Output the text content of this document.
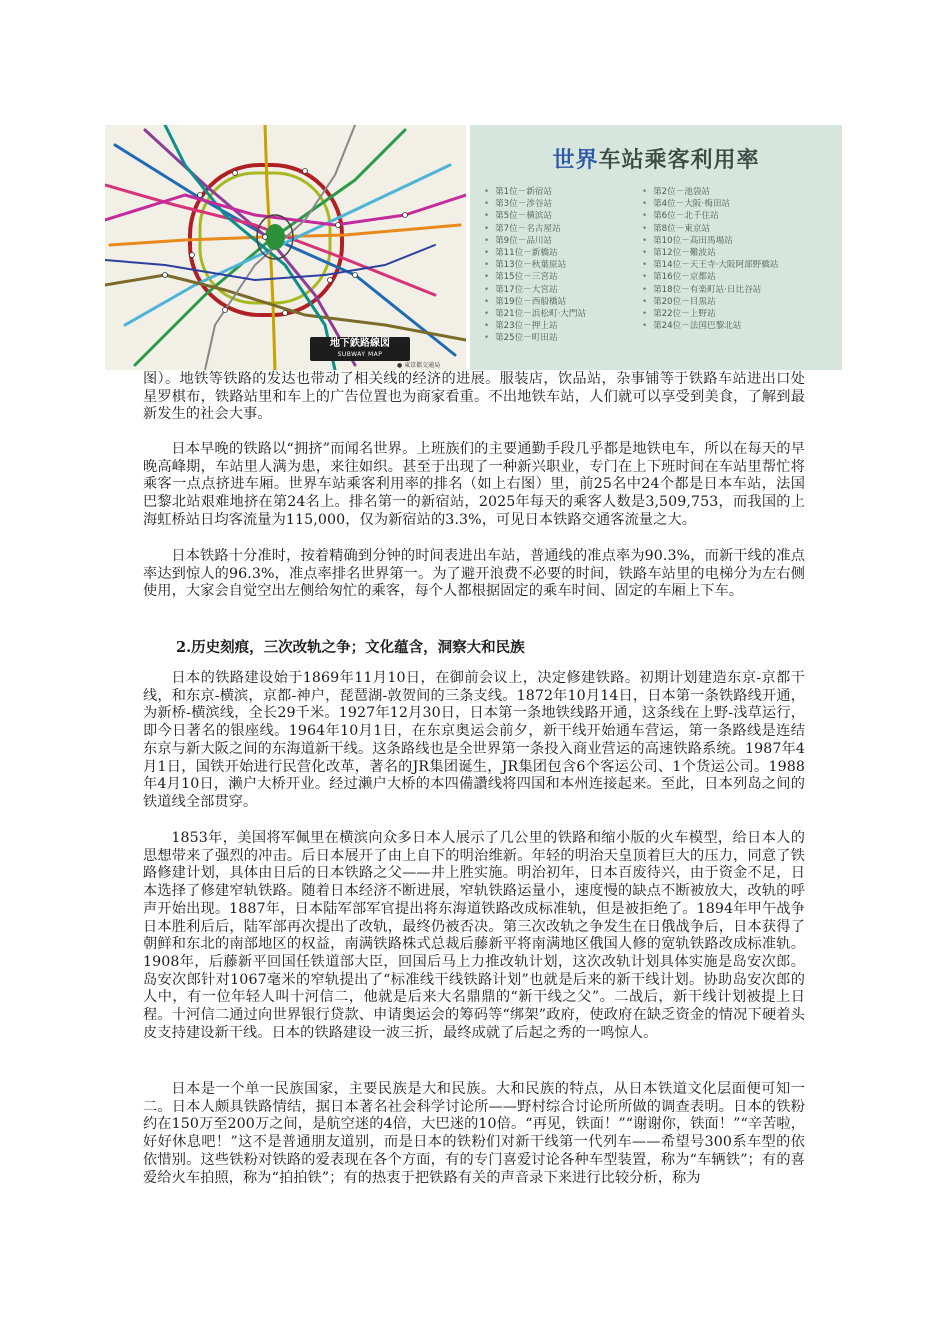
地下鉄路線図
SUBWAY MAP
● 東京都交通局
世界车站乘客利用率
• 第1位－新宿站	• 第2位－池袋站
• 第3位－涉谷站	• 第4位－大阪·梅田站
• 第5位－横滨站	• 第6位－北千住站
• 第7位－名古屋站	• 第8位－東京站
• 第9位－品川站	• 第10位－高田馬場站
• 第11位－新橋站	• 第12位－難波站
• 第13位－秋葉原站	• 第14位－天王寺·大阪阿部野橋站
• 第15位－三宮站	• 第16位－京都站
• 第17位－大宮站	• 第18位－有楽町站·日比谷站
• 第19位－西船橋站	• 第20位－目黒站
• 第21位－浜松町·大門站	• 第22位－上野站
• 第23位－押上站	• 第24位－法国巴黎北站
• 第25位－町田站

图）。地铁等铁路的发达也带动了相关线的经济的进展。服装店，饮品站，杂事铺等于铁路车站进出口处星罗棋布，铁路站里和车上的广告位置也为商家看重。不出地铁车站，人们就可以享受到美食，了解到最新发生的社会大事。

日本早晚的铁路以“拥挤”而闻名世界。上班族们的主要通勤手段几乎都是地铁电车，所以在每天的早晚高峰期，车站里人满为患，来往如织。甚至于出现了一种新兴职业，专门在上下班时间在车站里帮忙将乘客一点点挤进车厢。世界车站乘客利用率的排名（如上右图）里，前25名中24个都是日本车站，法国巴黎北站艰难地挤在第24名上。排名第一的新宿站，2025年每天的乘客人数是3,509,753，而我国的上海虹桥站日均客流量为115,000，仅为新宿站的3.3%，可见日本铁路交通客流量之大。

日本铁路十分准时，按着精确到分钟的时间表进出车站，普通线的准点率为90.3%，而新干线的准点率达到惊人的96.3%，准点率排名世界第一。为了避开浪费不必要的时间，铁路车站里的电梯分为左右侧使用，大家会自觉空出左侧给匆忙的乘客，每个人都根据固定的乘车时间、固定的车厢上下车。

2.历史刻痕，三次改轨之争；文化蕴含，洞察大和民族

日本的铁路建设始于1869年11月10日，在御前会议上，决定修建铁路。初期计划建造东京-京都干线，和东京-横滨，京都-神户，琵琶湖-敦贺间的三条支线。1872年10月14日，日本第一条铁路线开通，为新桥-横滨线，全长29千米。1927年12月30日，日本第一条地铁线路开通，这条线在上野-浅草运行，即今日著名的银座线。1964年10月1日，在东京奥运会前夕，新干线开始通车营运，第一条路线是连结东京与新大阪之间的东海道新干线。这条路线也是全世界第一条投入商业营运的高速铁路系统。1987年4月1日，国铁开始进行民营化改革，著名的JR集团诞生，JR集团包含6个客运公司、1个货运公司。1988年4月10日，濑户大桥开业。经过濑户大桥的本四備讚线将四国和本州连接起来。至此，日本列岛之间的铁道线全部贯穿。

1853年，美国将军佩里在横滨向众多日本人展示了几公里的铁路和缩小版的火车模型，给日本人的思想带来了强烈的冲击。后日本展开了由上自下的明治维新。年轻的明治天皇顶着巨大的压力，同意了铁路修建计划，具体由日后的日本铁路之父——井上胜实施。明治初年，日本百废待兴，由于资金不足，日本选择了修建窄轨铁路。随着日本经济不断进展，窄轨铁路运量小，速度慢的缺点不断被放大，改轨的呼声开始出现。1887年，日本陆军部军官提出将东海道铁路改成标准轨，但是被拒绝了。1894年甲午战争日本胜利后后，陆军部再次提出了改轨，最终仍被否决。第三次改轨之争发生在日俄战争后，日本获得了朝鲜和东北的南部地区的权益，南满铁路株式总裁后藤新平将南满地区俄国人修的宽轨铁路改成标准轨。1908年，后藤新平回国任铁道部大臣，回国后马上力推改轨计划，这次改轨计划具体实施是岛安次郎。岛安次郎针对1067毫米的窄轨提出了“标准线干线铁路计划”也就是后来的新干线计划。协助岛安次郎的人中，有一位年轻人叫十河信二，他就是后来大名鼎鼎的“新干线之父”。二战后，新干线计划被提上日程。十河信二通过向世界银行贷款、申请奥运会的筹码等“绑架”政府，使政府在缺乏资金的情况下硬着头皮支持建设新干线。日本的铁路建设一波三折，最终成就了后起之秀的一鸣惊人。

日本是一个单一民族国家，主要民族是大和民族。大和民族的特点，从日本铁道文化层面便可知一二。日本人颇具铁路情结，据日本著名社会科学讨论所——野村综合讨论所所做的调查表明。日本的铁粉约在150万至200万之间，是航空迷的4倍，大巴迷的10倍。“再见，铁面！”“谢谢你，铁面！”“辛苦啦，好好休息吧！”这不是普通朋友道别，而是日本的铁粉们对新干线第一代列车——希望号300系车型的依依惜别。这些铁粉对铁路的爱表现在各个方面，有的专门喜爱讨论各种车型装置，称为“车辆铁”；有的喜爱给火车拍照，称为“拍拍铁”；有的热衷于把铁路有关的声音录下来进行比较分析，称为
